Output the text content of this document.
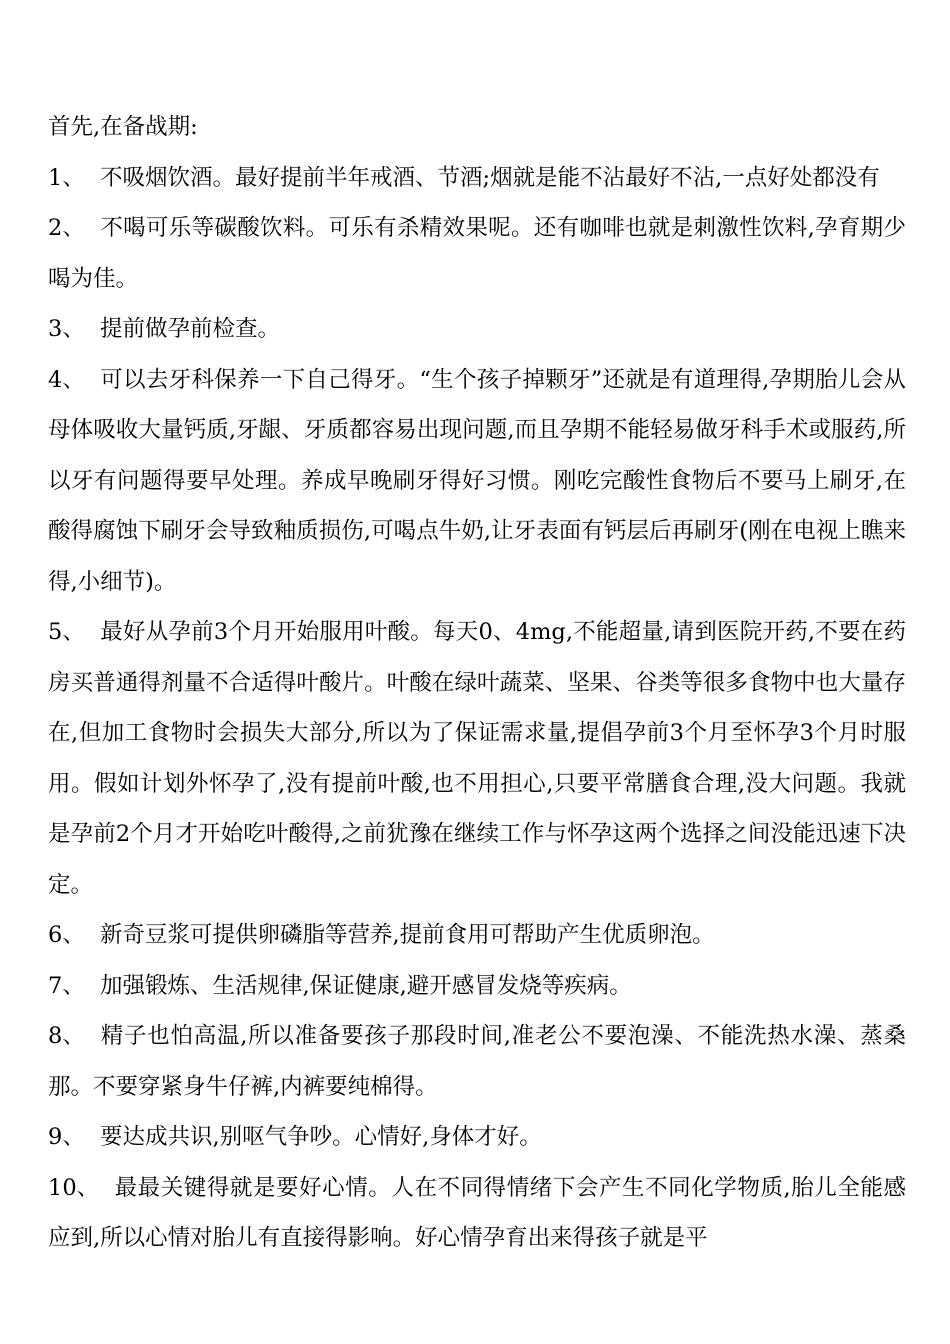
首先,在备战期:

1、 不吸烟饮酒。最好提前半年戒酒、节酒;烟就是能不沾最好不沾,一点好处都没有

2、 不喝可乐等碳酸饮料。可乐有杀精效果呢。还有咖啡也就是刺激性饮料,孕育期少喝为佳。

3、 提前做孕前检查。

4、 可以去牙科保养一下自己得牙。“生个孩子掉颗牙”还就是有道理得,孕期胎儿会从母体吸收大量钙质,牙龈、牙质都容易出现问题,而且孕期不能轻易做牙科手术或服药,所以牙有问题得要早处理。养成早晚刷牙得好习惯。刚吃完酸性食物后不要马上刷牙,在酸得腐蚀下刷牙会导致釉质损伤,可喝点牛奶,让牙表面有钙层后再刷牙(刚在电视上瞧来得,小细节)。

5、 最好从孕前3个月开始服用叶酸。每天0、4mg,不能超量,请到医院开药,不要在药房买普通得剂量不合适得叶酸片。叶酸在绿叶蔬菜、坚果、谷类等很多食物中也大量存在,但加工食物时会损失大部分,所以为了保证需求量,提倡孕前3个月至怀孕3个月时服用。假如计划外怀孕了,没有提前叶酸,也不用担心,只要平常膳食合理,没大问题。我就是孕前2个月才开始吃叶酸得,之前犹豫在继续工作与怀孕这两个选择之间没能迅速下决定。

6、 新奇豆浆可提供卵磷脂等营养,提前食用可帮助产生优质卵泡。

7、 加强锻炼、生活规律,保证健康,避开感冒发烧等疾病。

8、 精子也怕高温,所以准备要孩子那段时间,准老公不要泡澡、不能洗热水澡、蒸桑那。不要穿紧身牛仔裤,内裤要纯棉得。

9、 要达成共识,别呕气争吵。心情好,身体才好。

10、 最最关键得就是要好心情。人在不同得情绪下会产生不同化学物质,胎儿全能感应到,所以心情对胎儿有直接得影响。好心情孕育出来得孩子就是平
